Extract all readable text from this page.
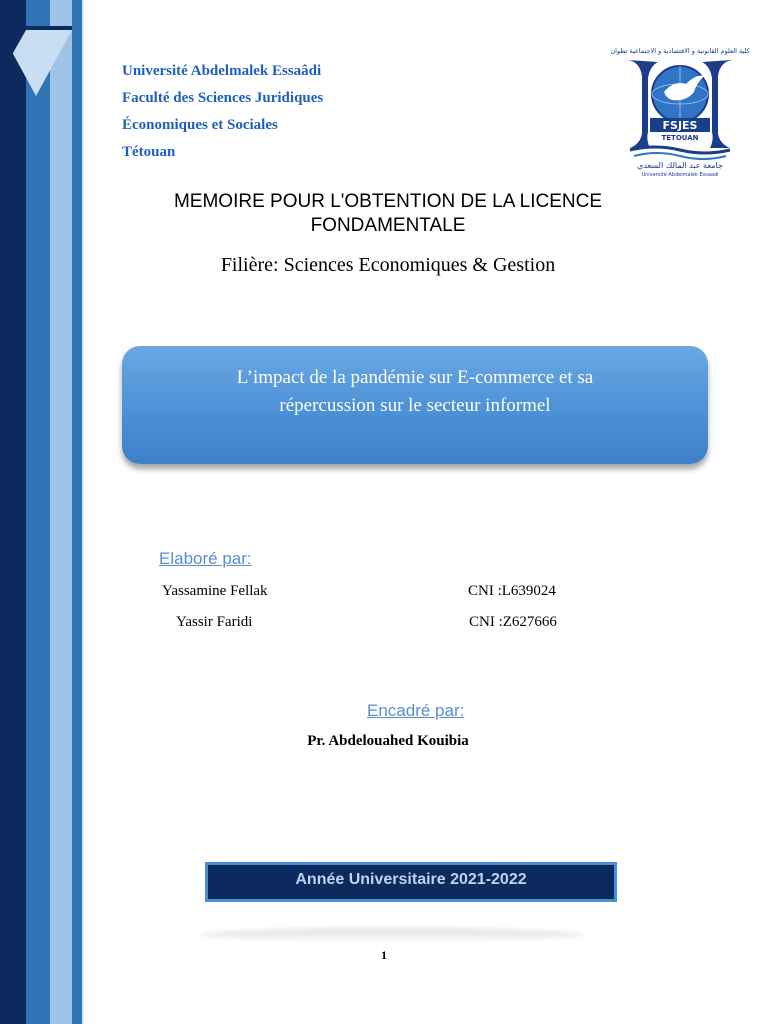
Université Abdelmalek Essaâdi
Faculté des Sciences Juridiques
Économiques et Sociales
Tétouan
كلية العلوم القانونية و الاقتصادية و الاجتماعية تطوان
FSJES
TETOUAN
جامعة عبد المالك السعدي
Université Abdelmalek Essaadi
MEMOIRE POUR L'OBTENTION DE LA LICENCE
FONDAMENTALE
Filière: Sciences Economiques & Gestion
L’impact de la pandémie sur E-commerce et sa
répercussion sur le secteur informel
Elaboré par:
Yassamine Fellak	CNI :L639024
Yassir Faridi	CNI :Z627666
Encadré par:
Pr. Abdelouahed Kouibia
Année Universitaire 2021-2022
1
